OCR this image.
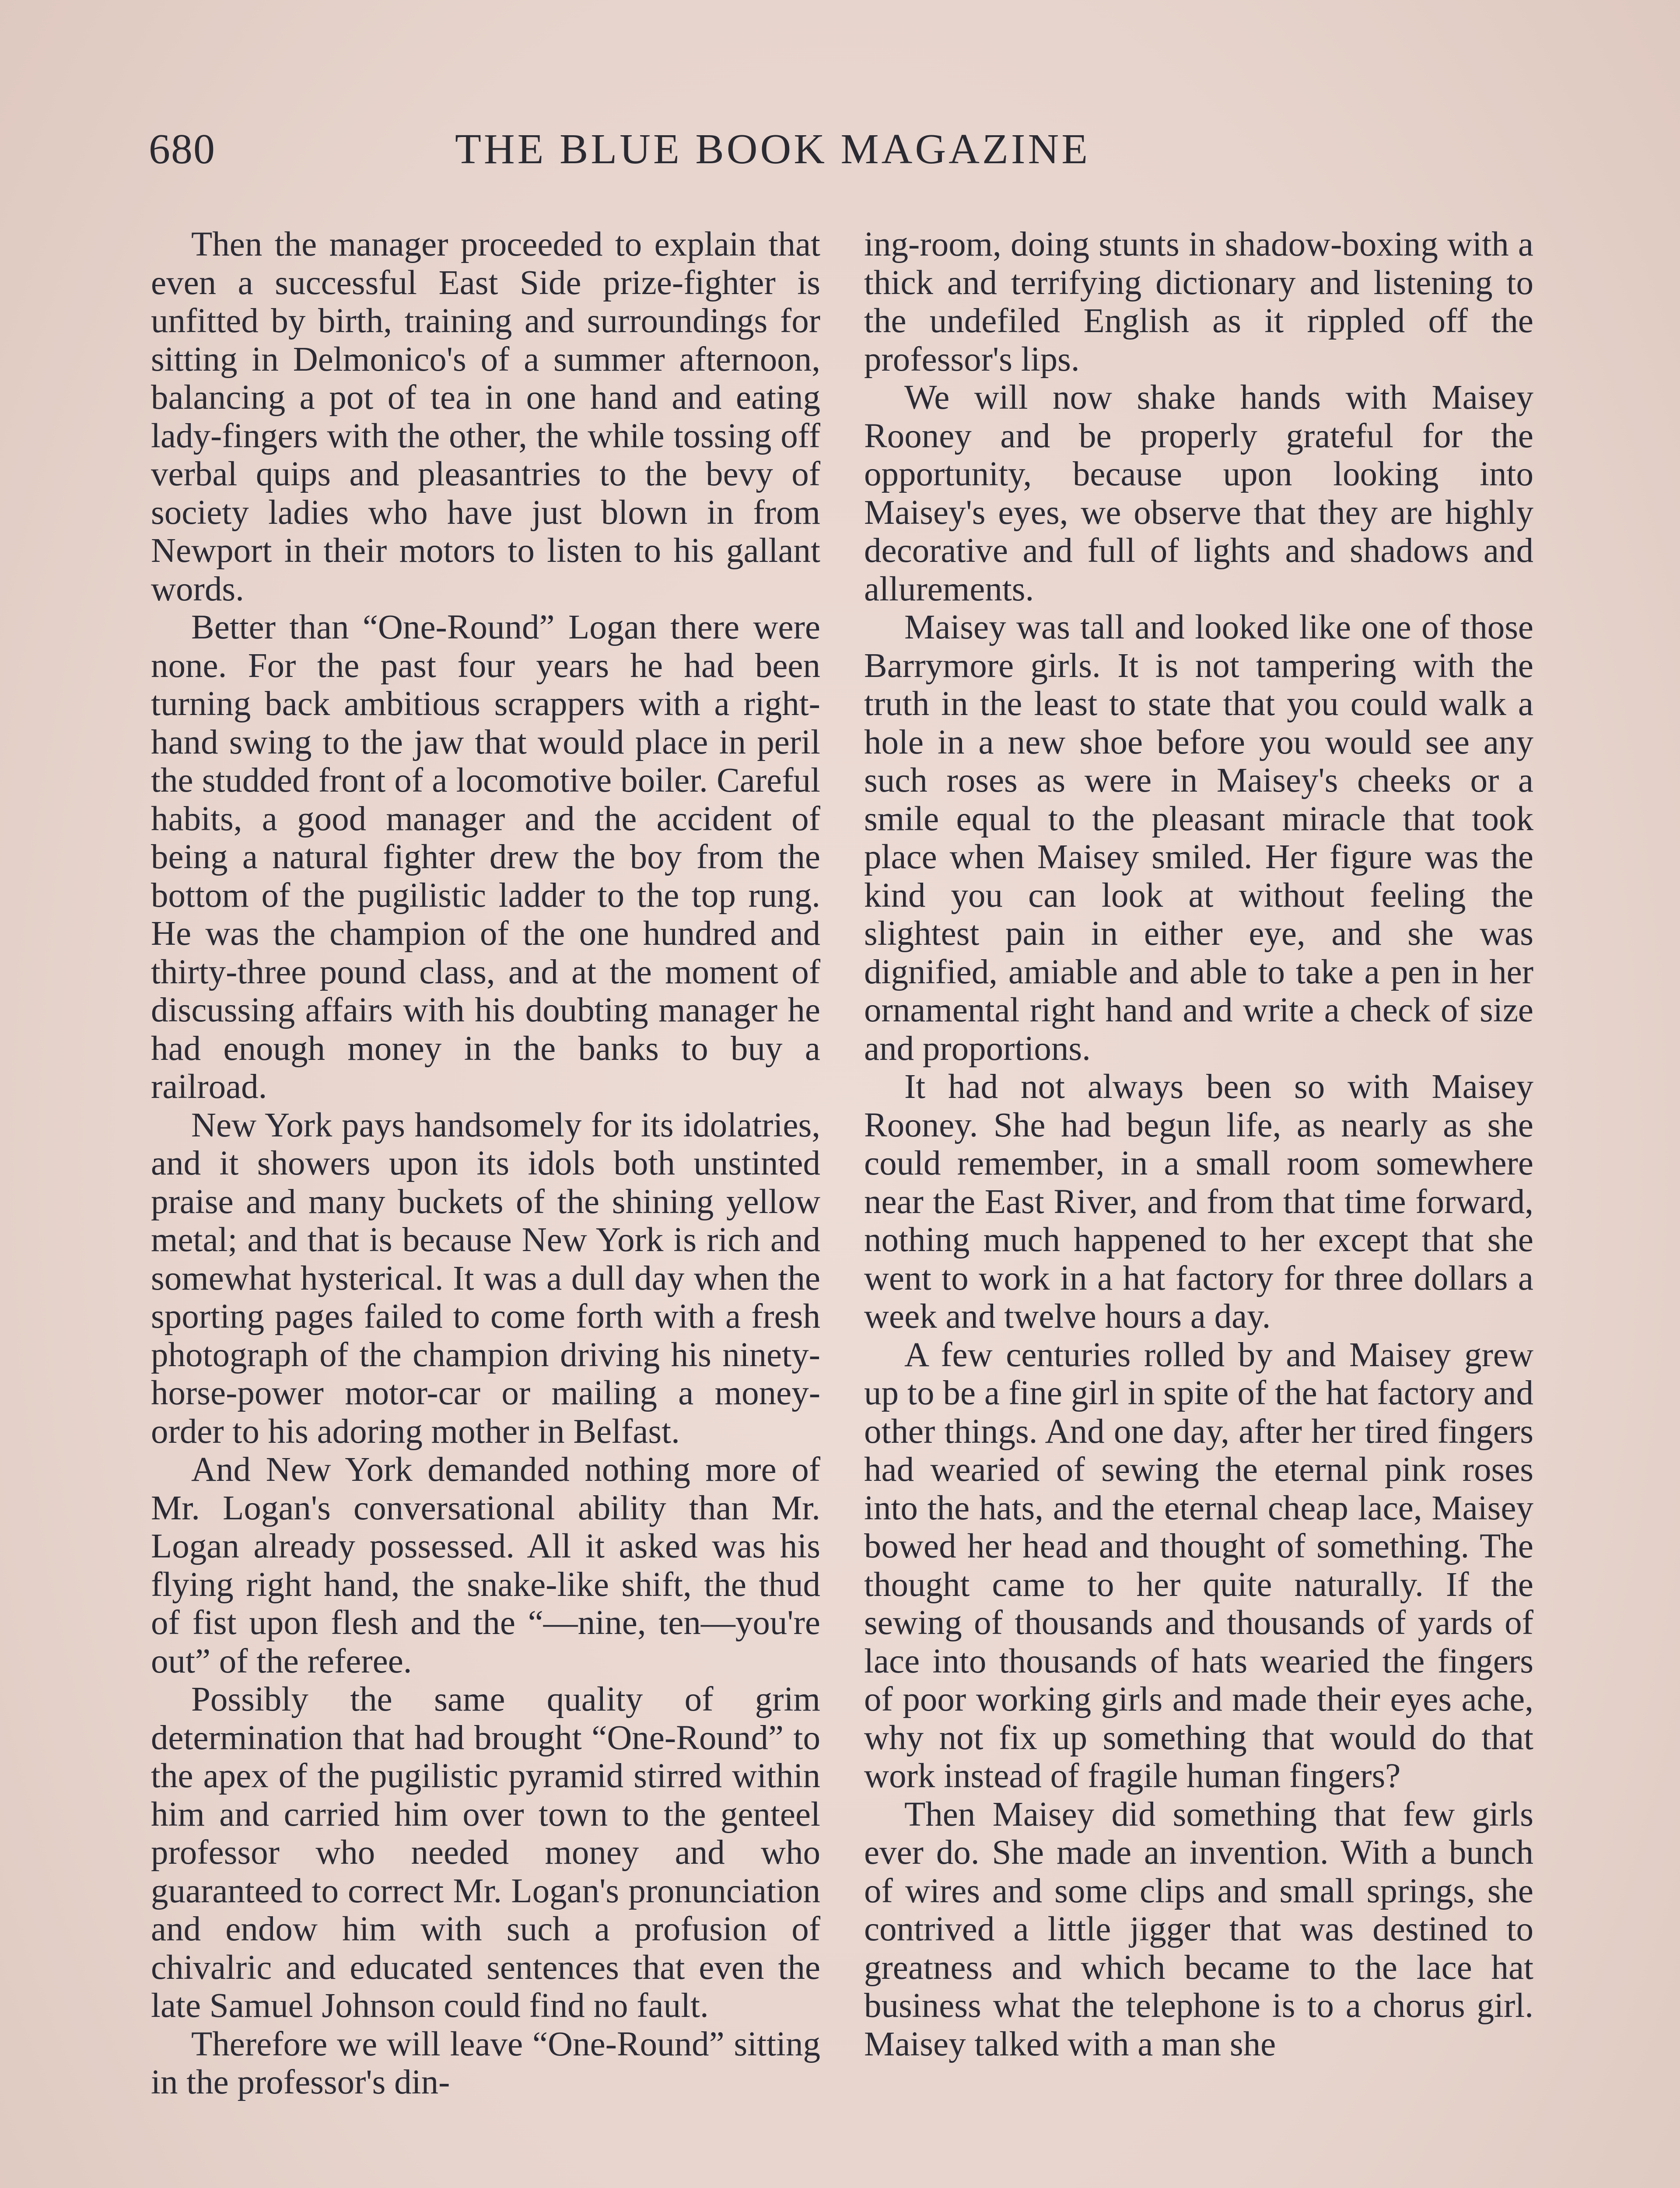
680	THE BLUE BOOK MAGAZINE

Then the manager proceeded to explain that even a successful East Side prize-fighter is unfitted by birth, training and surroundings for sitting in Delmonico's of a summer afternoon, balancing a pot of tea in one hand and eating lady-fingers with the other, the while tossing off verbal quips and pleasantries to the bevy of society ladies who have just blown in from Newport in their motors to listen to his gallant words.

Better than “One-Round” Logan there were none. For the past four years he had been turning back ambitious scrappers with a right-hand swing to the jaw that would place in peril the studded front of a locomotive boiler. Careful habits, a good manager and the accident of being a natural fighter drew the boy from the bottom of the pugilistic ladder to the top rung. He was the champion of the one hundred and thirty-three pound class, and at the moment of discussing affairs with his doubting manager he had enough money in the banks to buy a railroad.

New York pays handsomely for its idolatries, and it showers upon its idols both unstinted praise and many buckets of the shining yellow metal; and that is because New York is rich and somewhat hysterical. It was a dull day when the sporting pages failed to come forth with a fresh photograph of the champion driving his ninety-horse-power motor-car or mailing a money-order to his adoring mother in Belfast.

And New York demanded nothing more of Mr. Logan's conversational ability than Mr. Logan already possessed. All it asked was his flying right hand, the snake-like shift, the thud of fist upon flesh and the “—nine, ten—you're out” of the referee.

Possibly the same quality of grim determination that had brought “One-Round” to the apex of the pugilistic pyramid stirred within him and carried him over town to the genteel professor who needed money and who guaranteed to correct Mr. Logan's pronunciation and endow him with such a profusion of chivalric and educated sentences that even the late Samuel Johnson could find no fault.

Therefore we will leave “One-Round” sitting in the professor's din-

ing-room, doing stunts in shadow-boxing with a thick and terrifying dictionary and listening to the undefiled English as it rippled off the professor's lips.

We will now shake hands with Maisey Rooney and be properly grateful for the opportunity, because upon looking into Maisey's eyes, we observe that they are highly decorative and full of lights and shadows and allurements.

Maisey was tall and looked like one of those Barrymore girls. It is not tampering with the truth in the least to state that you could walk a hole in a new shoe before you would see any such roses as were in Maisey's cheeks or a smile equal to the pleasant miracle that took place when Maisey smiled. Her figure was the kind you can look at without feeling the slightest pain in either eye, and she was dignified, amiable and able to take a pen in her ornamental right hand and write a check of size and proportions.

It had not always been so with Maisey Rooney. She had begun life, as nearly as she could remember, in a small room somewhere near the East River, and from that time forward, nothing much happened to her except that she went to work in a hat factory for three dollars a week and twelve hours a day.

A few centuries rolled by and Maisey grew up to be a fine girl in spite of the hat factory and other things. And one day, after her tired fingers had wearied of sewing the eternal pink roses into the hats, and the eternal cheap lace, Maisey bowed her head and thought of something. The thought came to her quite naturally. If the sewing of thousands and thousands of yards of lace into thousands of hats wearied the fingers of poor working girls and made their eyes ache, why not fix up something that would do that work instead of fragile human fingers?

Then Maisey did something that few girls ever do. She made an invention. With a bunch of wires and some clips and small springs, she contrived a little jigger that was destined to greatness and which became to the lace hat business what the telephone is to a chorus girl. Maisey talked with a man she
